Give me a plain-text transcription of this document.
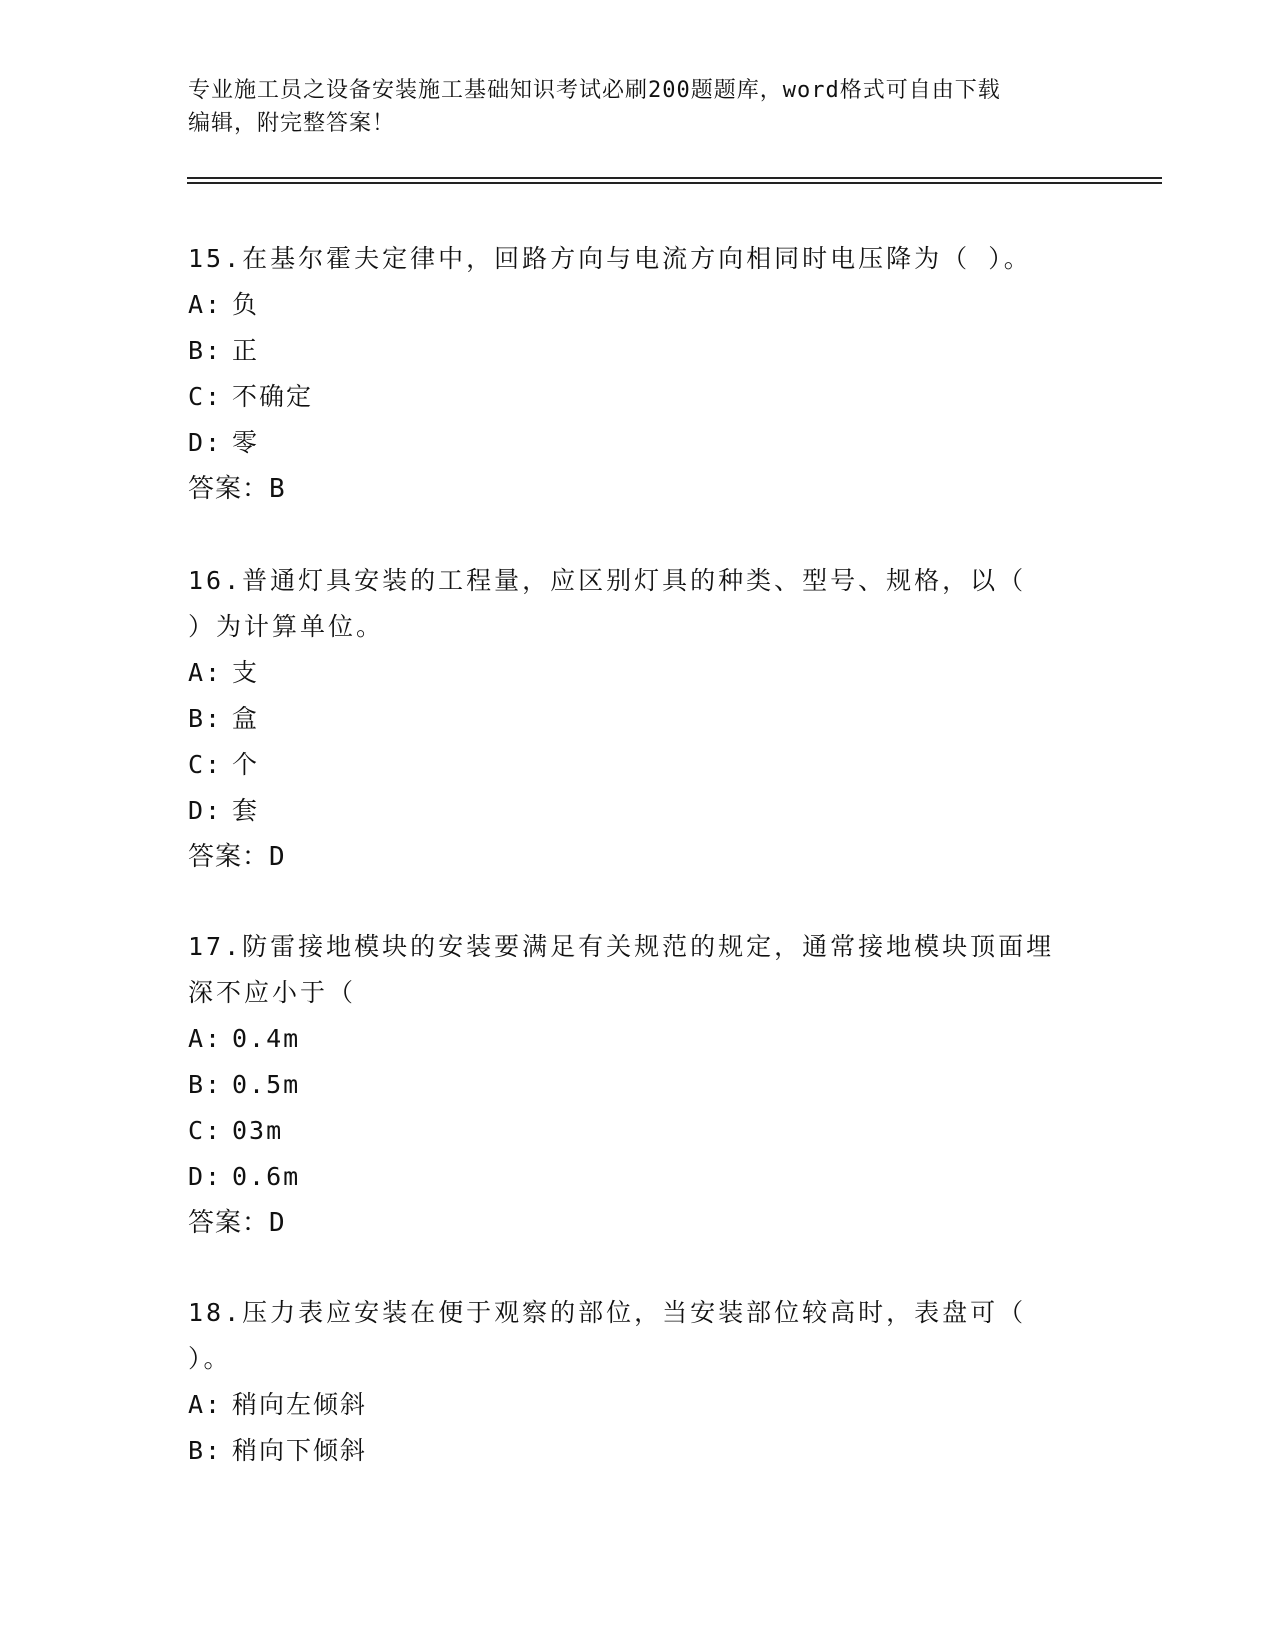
专业施工员之设备安装施工基础知识考试必刷200题题库，word格式可自由下载
编辑，附完整答案！
15.在基尔霍夫定律中，回路方向与电流方向相同时电压降为（ ）。
A: 负
B: 正
C: 不确定
D: 零
答案：B
16.普通灯具安装的工程量，应区别灯具的种类、型号、规格，以（
）为计算单位。
A: 支
B: 盒
C: 个
D: 套
答案：D
17.防雷接地模块的安装要满足有关规范的规定，通常接地模块顶面埋
深不应小于（
A: 0.4m
B: 0.5m
C: 03m
D: 0.6m
答案：D
18.压力表应安装在便于观察的部位，当安装部位较高时，表盘可（
）。
A: 稍向左倾斜
B: 稍向下倾斜
